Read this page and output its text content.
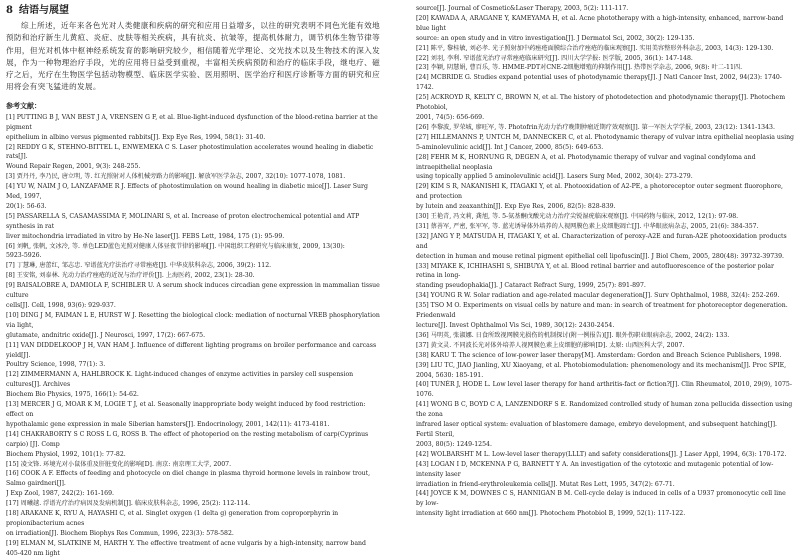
8 结语与展望

综上所述，近年来各色光对人类健康和疾病的研究和应用日益增多，以往的研究表明不同色光能有效地预防和治疗新生儿黄疸、炎症、皮肤等相关疾病，具有抗炎、抗皱等，提高机体耐力，调节机体生物节律等作用，但光对机体中枢神经系统发育的影响研究较少，相信随着光学理论、交光技术以及生物技术的深入发展，作为一种物理治疗手段，光的应用将日益受到重视，丰富相关疾病预防和治疗的临床手段，继电疗、磁疗之后，光疗在生物医学包括动物模型、临床医学实验、医用照明、医学治疗和医疗诊断等方面的研究和应用将会有突飞猛进的发展。

参考文献：
[1] PUTTING B J, VAN BEST J A, VRENSEN G F, et al. Blue-light-induced dysfunction of the blood-retina barrier at the pigment
epithelium in albino versus pigmented rabbits[J]. Exp Eye Res, 1994, 58(1): 31-40.
[2] REDDY G K, STEHNO-BITTEL L, ENWEMEKA C S. Laser photostimulation accelerates wound healing in diabetic rats[J].
Wound Repair Regen, 2001, 9(3): 248-255.
[3] 贾丹丹, 李乃民, 唐立明, 等. 红光照射对人体机械旁路力的影响[J]. 解放军医学杂志, 2007, 32(10): 1077-1078, 1081.
[4] YU W, NAIM J O, LANZAFAME R J. Effects of photostimulation on wound healing in diabetic mice[J]. Laser Surg Med, 1997,
20(1): 56-63.
[5] PASSARELLA S, CASAMASSIMA F, MOLINARI S, et al. Increase of proton electrochemical potential and ATP synthesis in rat
liver mitochondria irradiated in vitro by He-Ne laser[J]. FEBS Lett, 1984, 175 (1): 95-99.
[6] 刘帆, 张帆, 文冰冷, 等. 单色LED蓝色光照对健康人体昼夜节律的影响[J]. 中国组织工程研究与临床康复, 2009, 13(30):
5923-5926.
[7] 丁慧琳, 唐蕾红, 邹志忠. 窄谱蓝光疗法治疗寻常痤疮[J]. 中华皮肤科杂志, 2006, 39(2): 112.
[8] 王安铭, 刘泰林. 光动力治疗痤疮的近况与治疗评价[J]. 上海医药, 2002, 23(1): 28-30.
[9] BAISALOBRE A, DAMIOLA F, SCHIBLER U. A serum shock induces circadian gene expression in mammalian tissue culture
cells[J]. Cell, 1998, 93(6): 929-937.
[10] DING J M, FAIMAN L E, HURST W J. Resetting the biological clock: mediation of nocturnal VREB phosphorylation via light,
glutamate, andnitric oxide[J]. J Neurosci, 1997, 17(2): 667-675.
[11] VAN DIDDELKOOP J H, VAN HAM J. Influence of different lighting programs on broiler performance and carcass yield[J].
Poultry Science, 1998, 77(1): 3.
[12] ZIMMERMANN A, HAHLBROCK K. Light-induced changes of enzyme activities in parsley cell suspension cultures[J]. Archives
Biochem Bio Physics, 1975, 166(1): 54-62.
[13] MERCER J G, MOAR K M, LOGIE T J, et al. Seasonally inappropriate body weight induced by food restriction: effect on
hypothalamic gene expression in male Siberian hamsters[J]. Endocrinology, 2001, 142(11): 4173-4181.
[14] CHAKRABORTY S C ROSS L G, ROSS B. The effect of photoperiod on the resting metabolism of carp(Cyprinus carpio) [J]. Comp
Biochem Physiol, 1992, 101(1): 77-82.
[15] 凌文锋. 环境光对小鼠体重及肝脏变化的影响[D]. 南京: 南京理工大学, 2007.
[16] COOK A F. Effects of feeding and photocycle on diel change in plasma thyroid hormone levels in rainbow trout, Salmo gairdneri[J].
J Exp Zool, 1987, 242(2): 161-169.
[17] 周曦越. 浮谱光疗治疗病因及发病机制[J]. 临床皮肤科杂志, 1996, 25(2): 112-114.
[18] ARAKANE K, RYU A, HAYASHI C, et al. Singlet oxygen (1 delta g) generation from coproporphyrin in propionibacterium acnes
on irradiation[J]. Biochem Biophys Res Commun, 1996, 223(3): 578-582.
[19] ELMAN M, SLATKINE M, HARTH Y. The effective treatment of acne vulgaris by a high-intensity, narrow band 405-420 nm light
source[J]. Journal of Cosmetic&Laser Therapy, 2003, 5(2): 111-117.
[20] KAWADA A, ARAGANE Y, KAMEYAMA H, et al. Acne phototherapy with a high-intensity, enhanced, narrow-band blue light
source: an open study and in vitro investigation[J]. J Dermatol Sci, 2002, 30(2): 129-135.
[21] 陈平, 黎桂敏, 刘必孝. 光子照射加中药痤疮面膜综合治疗痤疮的临床观察[J]. 实用美容整形外科杂志, 2003, 14(3): 129-130.
[22] 刘羽, 李利. 窄谱蓝光治疗寻常痤疮临床研究[J]. 四川大学学报: 医学版, 2005, 36(1): 147-148.
[23] 李颖, 阴慧娟, 曹百乐, 等. HMME-PDT对CNE-2细胞增殖的抑制作用[J]. 热带医学杂志, 2006, 9(8): 叶二-11四.
[24] MCBRIDE G. Studies expand potential uses of photodynamic therapy[J]. J Natl Cancer Inst, 2002, 94(23): 1740-1742.
[25] ACKROYD R, KELTY C, BROWN N, et al. The history of photodetection and photodynamic therapy[J]. Photochem Photobiol,
2001, 74(5): 656-669.
[26] 李黎波, 罗荣城, 廖旺军, 等. Photofrin光动力治疗晚期肿瘤近期疗效观察[J]. 第一军医大学学报, 2003, 23(12): 1341-1343.
[27] HILLEMANNS P, UNTCH M, DANNECKER C, et al. Photodynamic therapy of vulvar intra epithelial neoplasia using
5-aminolevulinic acid[J]. Int J Cancer, 2000, 85(5): 649-653.
[28] FEHR M K, HORNUNG R, DEGEN A, et al. Photodynamic therapy of vulvar and vaginal condyloma and intraepithelial neoplasia
using topically applied 5 aminolevulinic acid[J]. Lasers Surg Med, 2002, 30(4): 273-279.
[29] KIM S R, NAKANISHI K, ITAGAKI Y, et al. Photooxidation of A2-PE, a photoreceptor outer segment fluorophore, and protection
by lutein and zeaxanthin[J]. Exp Eye Res, 2006, 82(5): 828-839.
[30] 王艳青, 冯文莉, 龚旭, 等. 5-氨基酮戊酸光动力治疗尖锐湿疣临床观察[J]. 中国药物与临床, 2012, 12(1): 97-98.
[31] 蔡善军, 严密, 张军军, 等. 蓝光诱导体外培养的人视网膜色素上皮细胞凋亡[J]. 中华眼底病杂志, 2005, 21(6): 384-357.
[32] JANG Y P, MATSUDA H, ITAGAKI Y, et al. Characterization of peroxy-A2E and furan-A2E photooxidation products and
detection in human and mouse retinal pigment epithelial cell lipofuscin[J]. J Biol Chem, 2005, 280(48): 39732-39739.
[33] MIYAKE K, ICHIHASHI S, SHIBUYA Y, et al. Blood retinal barrier and autofluorescence of the posterior polar retina in long-
standing pseudophakia[J]. J Cataract Refract Surg, 1999, 25(7): 891-897.
[34] YOUNG R W. Solar radiation and age-related macular degeneration[J]. Surv Ophthalmol, 1988, 32(4): 252-269.
[35] TSO M O. Experiments on visual cells by nature and man: in search of treatment for photoreceptor degeneration. Friedenwald
lecture[J]. Invest Ophthalmol Vis Sci, 1989, 30(12): 2430-2454.
[36] 马明英, 张淑娜. 日食所致视网膜光损伤的机制探讨(附一例报告)[J]. 眼外伤职业眼病杂志, 2002, 24(2): 133.
[37] 黄文灵. 不同波长光对体外培养人视网膜色素上皮细胞的影响[D]. 太原: 山西医科大学, 2007.
[38] KARU T. The science of low-power laser therapy[M]. Amsterdam: Gordon and Breach Science Publishers, 1998.
[39] LIU TC, JIAO Jianling, XU Xiaoyang, et al. Photobiomodulation: phenomenology and its mechanism[J]. Proc SPIE, 2004, 5630: 185-191.
[40] TUNÉR J, HODE L. Low level laser therapy for hand arthritis-fact or fiction?[J]. Clin Rheumatol, 2010, 29(9), 1075-1076.
[41] WONG B C, BOYD C A, LANZENDORF S E. Randomized controlled study of human zona pellucida dissection using the zona
infrared laser optical system: evaluation of blastomere damage, embryo development, and subsequent hatching[J]. Fertil Steril,
2003, 80(5): 1249-1254.
[42] WOLBARSHT M L. Low-level laser therapy(LLLT) and safety considerations[J]. J Laser Appl, 1994, 6(3): 170-172.
[43] LOGAN I D, MCKENNA P G, BARNETT Y A. An investigation of the cytotoxic and mutagenic potential of low-intensity laser
irradiation in friend-erythroleukemia cells[J]. Mutat Res Lett, 1995, 347(2): 67-71.
[44] JOYCE K M, DOWNES C S, HANNIGAN B M. Cell-cycle delay is induced in cells of a U937 promonocytic cell line by low-
intensity light irradiation at 660 nm[J]. Photochem Photobiol B, 1999, 52(1): 117-122.
